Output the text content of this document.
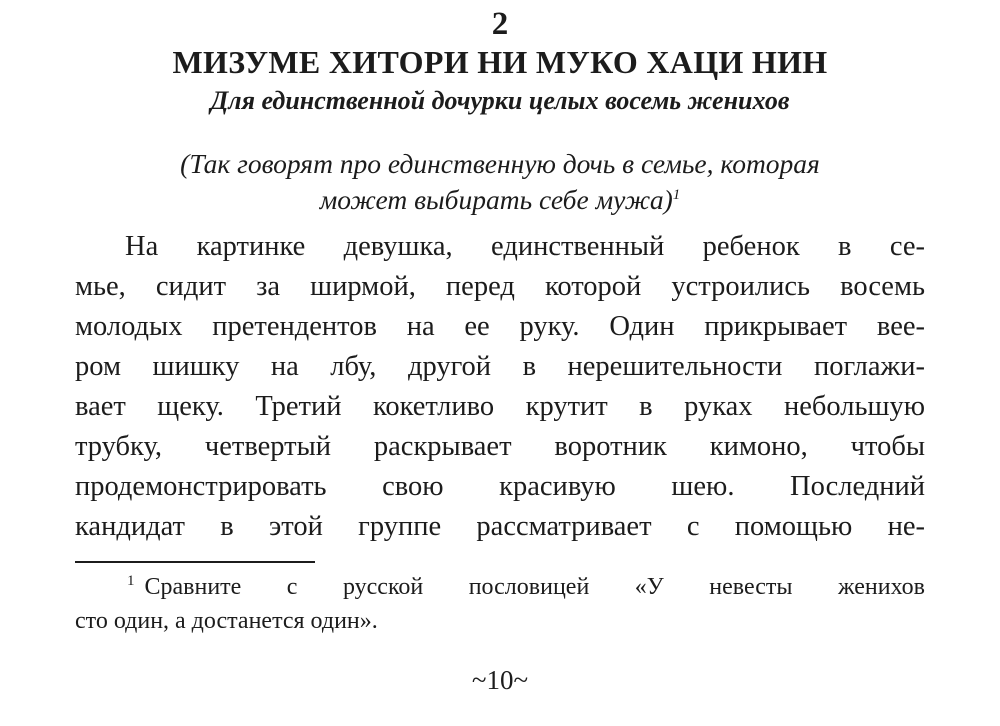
2
МИЗУМЕ ХИТОРИ НИ МУКО ХАЦИ НИН
Для единственной дочурки целых восемь женихов
(Так говорят про единственную дочь в семье, которая
может выбирать себе мужа)$^1$
На картинке девушка, единственный ребенок в се-
мье, сидит за ширмой, перед которой устроились восемь
молодых претендентов на ее руку. Один прикрывает вее-
ром шишку на лбу, другой в нерешительности поглажи-
вает щеку. Третий кокетливо крутит в руках небольшую
трубку, четвертый раскрывает воротник кимоно, чтобы
продемонстрировать свою красивую шею. Последний
кандидат в этой группе рассматривает с помощью не-
$^1$ Сравните с русской пословицей «У невесты женихов
сто один, а достанется один».
~10~
